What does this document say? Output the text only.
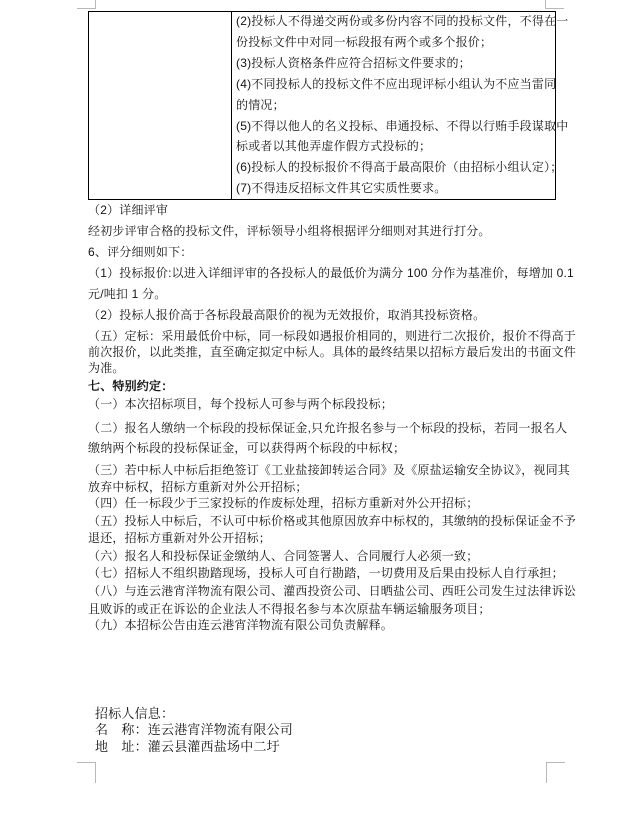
(2)投标人不得递交两份或多份内容不同的投标文件，不得在一
份投标文件中对同一标段报有两个或多个报价；
(3)投标人资格条件应符合招标文件要求的；
(4)不同投标人的投标文件不应出现评标小组认为不应当雷同
的情况；
(5)不得以他人的名义投标、串通投标、不得以行贿手段谋取中
标或者以其他弄虚作假方式投标的；
(6)投标人的投标报价不得高于最高限价（由招标小组认定）；
(7)不得违反招标文件其它实质性要求。
（2）详细评审
经初步评审合格的投标文件，评标领导小组将根据评分细则对其进行打分。
6、评分细则如下：
（1）投标报价:以进入详细评审的各投标人的最低价为满分 100 分作为基准价，每增加 0.1
元/吨扣 1 分。
（2）投标人报价高于各标段最高限价的视为无效报价，取消其投标资格。
（五）定标：采用最低价中标，同一标段如遇报价相同的，则进行二次报价，报价不得高于
前次报价，以此类推，直至确定拟定中标人。具体的最终结果以招标方最后发出的书面文件
为准。
七、特别约定：
（一）本次招标项目，每个投标人可参与两个标段投标；
（二）报名人缴纳一个标段的投标保证金,只允许报名参与一个标段的投标，若同一报名人
缴纳两个标段的投标保证金，可以获得两个标段的中标权；
（三）若中标人中标后拒绝签订《工业盐接卸转运合同》及《原盐运输安全协议》，视同其
放弃中标权，招标方重新对外公开招标；
（四）任一标段少于三家投标的作废标处理，招标方重新对外公开招标；
（五）投标人中标后，不认可中标价格或其他原因放弃中标权的，其缴纳的投标保证金不予
退还，招标方重新对外公开招标；
（六）报名人和投标保证金缴纳人、合同签署人、合同履行人必须一致；
（七）招标人不组织勘踏现场，投标人可自行勘踏，一切费用及后果由投标人自行承担；
（八）与连云港宵洋物流有限公司、灌西投资公司、日晒盐公司、西旺公司发生过法律诉讼
且败诉的或正在诉讼的企业法人不得报名参与本次原盐车辆运输服务项目；
（九）本招标公告由连云港宵洋物流有限公司负责解释。
招标人信息：
名　称：连云港宵洋物流有限公司
地　址：灌云县灌西盐场中二圩
